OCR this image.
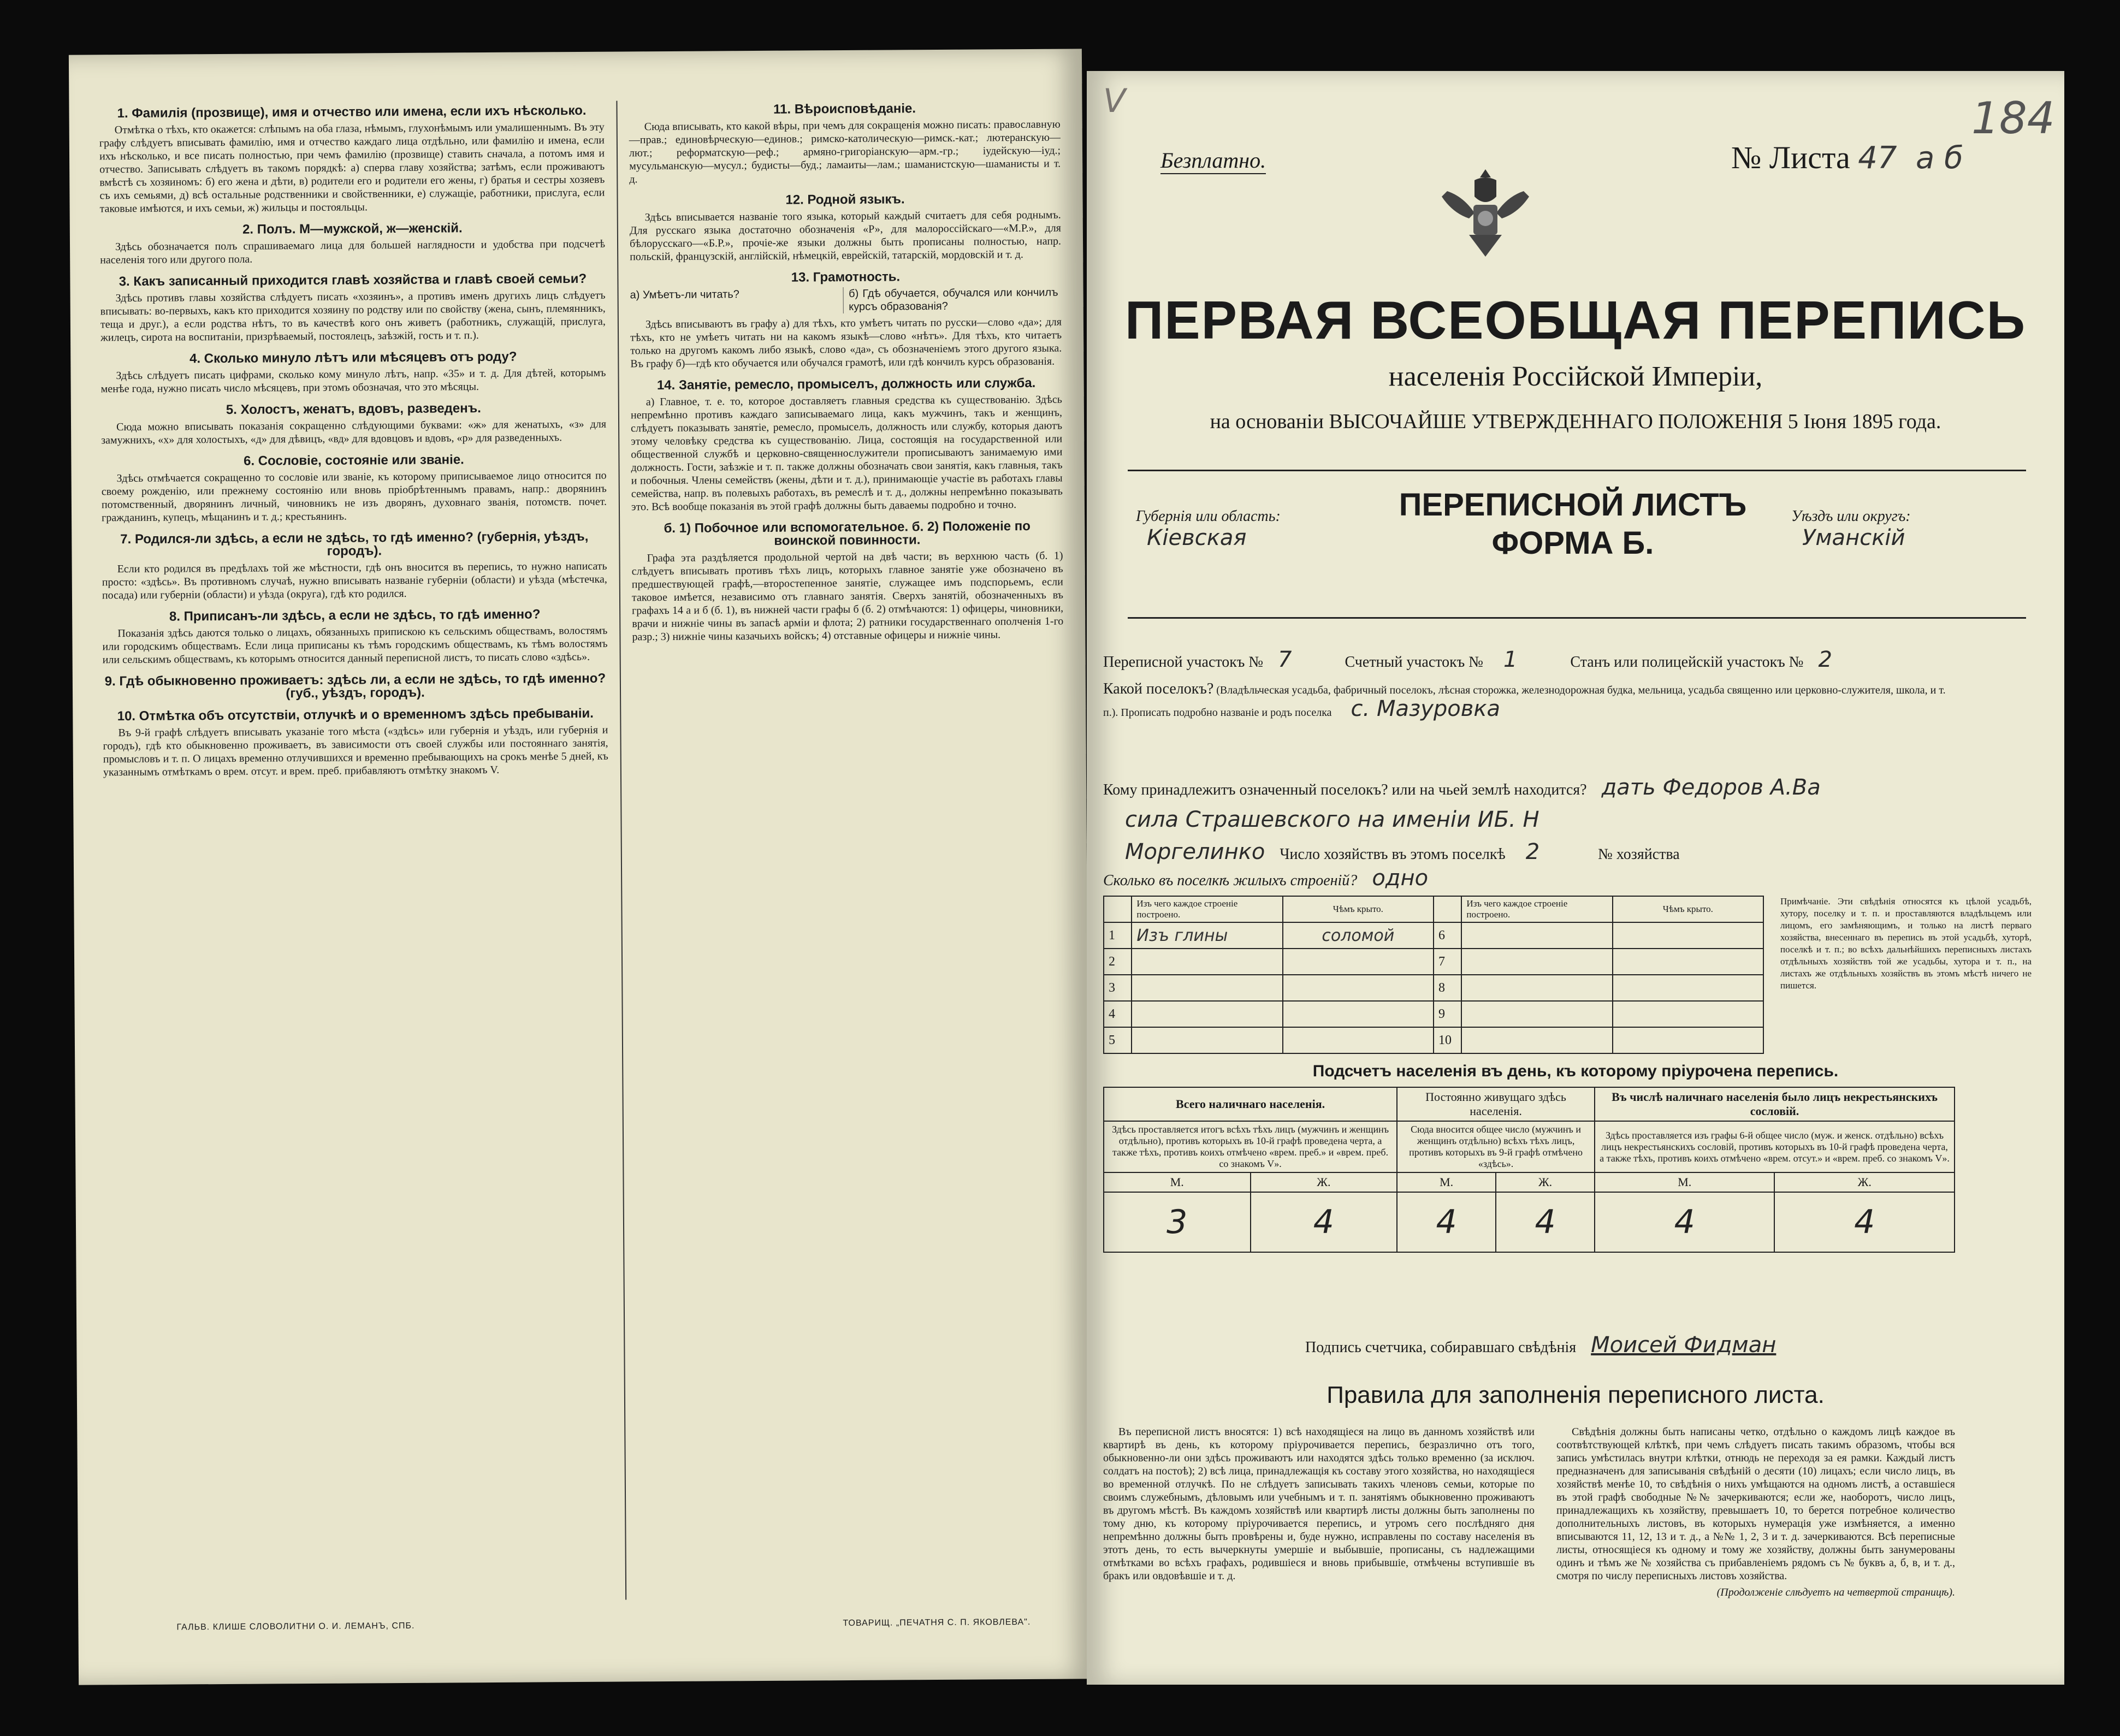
1. Фамилія (прозвище), имя и отчество или имена, если ихъ нѣсколько.

Отмѣтка о тѣхъ, кто окажется: слѣпымъ на оба глаза, нѣмымъ, глухонѣмымъ или умалишеннымъ. Въ эту графу слѣдуетъ вписывать фамилію, имя и отчество каждаго лица отдѣльно, или фамилію и имена, если ихъ нѣсколько, и все писать полностью, при чемъ фамилію (прозвище) ставить сначала, а потомъ имя и отчество. Записывать слѣдуетъ въ такомъ порядкѣ: а) сперва главу хозяйства; затѣмъ, если проживаютъ вмѣстѣ съ хозяиномъ: б) его жена и дѣти, в) родители его и родители его жены, г) братья и сестры хозяевъ съ ихъ семьями, д) всѣ остальные родственники и свойственники, е) служащіе, работники, прислуга, если таковые имѣются, и ихъ семьи, ж) жильцы и постояльцы.

2. Полъ. М—мужской, ж—женскій.

Здѣсь обозначается полъ спрашиваемаго лица для большей наглядности и удобства при подсчетѣ населенія того или другого пола.

3. Какъ записанный приходится главѣ хозяйства и главѣ своей семьи?

Здѣсь противъ главы хозяйства слѣдуетъ писать «хозяинъ», а противъ именъ другихъ лицъ слѣдуетъ вписывать: во-первыхъ, какъ кто приходится хозяину по родству или по свойству (жена, сынъ, племянникъ, теща и друг.), а если родства нѣтъ, то въ качествѣ кого онъ живетъ (работникъ, служащій, прислуга, жилецъ, сирота на воспитаніи, призрѣваемый, постоялецъ, заѣзжій, гость и т. п.).

4. Сколько минуло лѣтъ или мѣсяцевъ отъ роду?

Здѣсь слѣдуетъ писать цифрами, сколько кому минуло лѣтъ, напр. «35» и т. д. Для дѣтей, которымъ менѣе года, нужно писать число мѣсяцевъ, при этомъ обозначая, что это мѣсяцы.

5. Холостъ, женатъ, вдовъ, разведенъ.

Сюда можно вписывать показанія сокращенно слѣдующими буквами: «ж» для женатыхъ, «з» для замужнихъ, «х» для холостыхъ, «д» для дѣвицъ, «вд» для вдовцовъ и вдовъ, «р» для разведенныхъ.

6. Сословіе, состояніе или званіе.

Здѣсь отмѣчается сокращенно то сословіе или званіе, къ которому приписываемое лицо относится по своему рожденію, или прежнему состоянію или вновь пріобрѣтеннымъ правамъ, напр.: дворянинъ потомственный, дворянинъ личный, чиновникъ не изъ дворянъ, духовнаго званія, потомств. почет. гражданинъ, купецъ, мѣщанинъ и т. д.; крестьянинъ.

7. Родился-ли здѣсь, а если не здѣсь, то гдѣ именно? (губернія, уѣздъ, городъ).

Если кто родился въ предѣлахъ той же мѣстности, гдѣ онъ вносится въ перепись, то нужно написать просто: «здѣсь». Въ противномъ случаѣ, нужно вписывать названіе губерніи (области) и уѣзда (мѣстечка, посада) или губерніи (области) и уѣзда (округа), гдѣ кто родился.

8. Приписанъ-ли здѣсь, а если не здѣсь, то гдѣ именно?

Показанія здѣсь даются только о лицахъ, обязанныхъ припискою къ сельскимъ обществамъ, волостямъ или городскимъ обществамъ. Если лица приписаны къ тѣмъ городскимъ обществамъ, къ тѣмъ волостямъ или сельскимъ обществамъ, къ которымъ относится данный переписной листъ, то писать слово «здѣсь».

9. Гдѣ обыкновенно проживаетъ: здѣсь ли, а если не здѣсь, то гдѣ именно? (губ., уѣздъ, городъ).
10. Отмѣтка объ отсутствіи, отлучкѣ и о временномъ здѣсь пребываніи.

Въ 9-й графѣ слѣдуетъ вписывать указаніе того мѣста («здѣсь» или губернія и уѣздъ, или губернія и городъ), гдѣ кто обыкновенно проживаетъ, въ зависимости отъ своей службы или постояннаго занятія, промысловъ и т. п. О лицахъ временно отлучившихся и временно пребывающихъ на срокъ менѣе 5 дней, къ указаннымъ отмѣткамъ о врем. отсут. и врем. преб. прибавляютъ отмѣтку знакомъ V.

11. Вѣроисповѣданіе.

Сюда вписывать, кто какой вѣры, при чемъ для сокращенія можно писать: православную—прав.; единовѣрческую—единов.; римско-католическую—римск.-кат.; лютеранскую—лют.; реформатскую—реф.; армяно-григоріанскую—арм.-гр.; іудейскую—іуд.; мусульманскую—мусул.; будисты—буд.; ламаиты—лам.; шаманистскую—шаманисты и т. д.

12. Родной языкъ.

Здѣсь вписывается названіе того языка, который каждый считаетъ для себя роднымъ. Для русскаго языка достаточно обозначенія «Р», для малороссійскаго—«М.Р.», для бѣлорусскаго—«Б.Р.», прочіе-же языки должны быть прописаны полностью, напр. польскій, французскій, англійскій, нѣмецкій, еврейскій, татарскій, мордовскій и т. д.

13. Грамотность.
а) Умѣетъ-ли читать?	б) Гдѣ обучается, обучался или кончилъ курсъ образованія?

Здѣсь вписываютъ въ графу а) для тѣхъ, кто умѣетъ читать по русски—слово «да»; для тѣхъ, кто не умѣетъ читать ни на какомъ языкѣ—слово «нѣтъ». Для тѣхъ, кто читаетъ только на другомъ какомъ либо языкѣ, слово «да», съ обозначеніемъ этого другого языка. Въ графу б)—гдѣ кто обучается или обучался грамотѣ, или гдѣ кончилъ курсъ образованія.

14. Занятіе, ремесло, промыселъ, должность или служба.

а) Главное, т. е. то, которое доставляетъ главныя средства къ существованію. Здѣсь непремѣнно противъ каждаго записываемаго лица, какъ мужчинъ, такъ и женщинъ, слѣдуетъ показывать занятіе, ремесло, промыселъ, должность или службу, которыя даютъ этому человѣку средства къ существованію. Лица, состоящія на государственной или общественной службѣ и церковно-священнослужители прописываютъ занимаемую ими должность. Гости, заѣзжіе и т. п. также должны обозначать свои занятія, какъ главныя, такъ и побочныя. Члены семействъ (жены, дѣти и т. д.), принимающіе участіе въ работахъ главы семейства, напр. въ полевыхъ работахъ, въ ремеслѣ и т. д., должны непремѣнно показывать это. Всѣ вообще показанія въ этой графѣ должны быть даваемы подробно и точно.

б. 1) Побочное или вспомогательное. б. 2) Положеніе по воинской повинности.

Графа эта раздѣляется продольной чертой на двѣ части; въ верхнюю часть (б. 1) слѣдуетъ вписывать противъ тѣхъ лицъ, которыхъ главное занятіе уже обозначено въ предшествующей графѣ,—второстепенное занятіе, служащее имъ подспорьемъ, если таковое имѣется, независимо отъ главнаго занятія. Сверхъ занятій, обозначенныхъ въ графахъ 14 а и б (б. 1), въ нижней части графы б (б. 2) отмѣчаются: 1) офицеры, чиновники, врачи и нижніе чины въ запасѣ арміи и флота; 2) ратники государственнаго ополченія 1-го разр.; 3) нижніе чины казачьихъ войскъ; 4) отставные офицеры и нижніе чины.

ГАЛЬВ. КЛИШЕ СЛОВОЛИТНИ О. И. ЛЕМАНЪ, СПБ.	ТОВАРИЩ. „ПЕЧАТНЯ С. П. ЯКОВЛЕВА".
V	184
Безплатно.	№ Листа 47 а б
ПЕРВАЯ ВСЕОБЩАЯ ПЕРЕПИСЬ
населенія Россійской Имперіи,
на основаніи ВЫСОЧАЙШЕ УТВЕРЖДЕННАГО ПОЛОЖЕНІЯ 5 Іюня 1895 года.
Губернія или область:
Кіевская
ПЕРЕПИСНОЙ ЛИСТЪ
ФОРМА Б.
Уѣздъ или округъ:
Уманскій
Переписной участокъ № 7	Счетный участокъ № 1	Станъ или полицейскій участокъ № 2
Какой поселокъ? (Владѣльческая усадьба, фабричный поселокъ, лѣсная сторожка, железнодорожная будка, мельница, усадьба священно или церковно-служителя, школа, и т. п.). Прописать подробно названіе и родъ поселка с. Мазуровка
Кому принадлежитъ означенный поселокъ? или на чьей землѣ находится? дать Федоров А.Ва
сила Страшевского на именіи ИБ. Н
Моргелинко Число хозяйствъ въ этомъ поселкѣ 2	№ хозяйства
Сколько въ поселкѣ жилыхъ строеній? одно
	Изъ чего каждое строеніе построено.	Чѣмъ крыто.		Изъ чего каждое строеніе построено.	Чѣмъ крыто.
1	Изъ глины	соломой	6		
2			7		
3			8		
4			9		
5			10		
Примѣчаніе. Эти свѣдѣнія относятся къ цѣлой усадьбѣ, хутору, поселку и т. п. и проставляются владѣльцемъ или лицомъ, его замѣняющимъ, и только на листѣ перваго хозяйства, внесеннаго въ перепись въ этой усадьбѣ, хуторѣ, поселкѣ и т. п.; во всѣхъ дальнѣйшихъ переписныхъ листахъ отдѣльныхъ хозяйствъ той же усадьбы, хутора и т. п., на листахъ же отдѣльныхъ хозяйствъ въ этомъ мѣстѣ ничего не пишется.
Подсчетъ населенія въ день, къ которому пріурочена перепись.
Всего наличнаго населенія.		Постоянно живущаго здѣсь населенія.		Въ числѣ наличнаго населенія было лицъ некрестьянскихъ сословій.	
Здѣсь проставляется итогъ всѣхъ тѣхъ лицъ (мужчинъ и женщинъ отдѣльно), противъ которыхъ въ 10-й графѣ проведена черта, а также тѣхъ, противъ коихъ отмѣчено «врем. преб.» и «врем. преб. со знакомъ V».		Сюда вносится общее число (мужчинъ и женщинъ отдѣльно) всѣхъ тѣхъ лицъ, противъ которыхъ въ 9-й графѣ отмѣчено «здѣсь».		Здѣсь проставляется изъ графы 6-й общее число (муж. и женск. отдѣльно) всѣхъ лицъ некрестьянскихъ сословій, противъ которыхъ въ 10-й графѣ проведена черта, а также тѣхъ, противъ коихъ отмѣчено «врем. отсут.» и «врем. преб. со знакомъ V».	
М.	Ж.	М.	Ж.	М.	Ж.
3	4	4	4	4	4
Подпись счетчика, собиравшаго свѣдѣнія Моисей Фидман
Правила для заполненія переписного листа.

Въ переписной листъ вносятся: 1) всѣ находящіеся на лицо въ данномъ хозяйствѣ или квартирѣ въ день, къ которому пріурочивается перепись, безразлично отъ того, обыкновенно-ли они здѣсь проживаютъ или находятся здѣсь только временно (за исключ. солдатъ на постоѣ); 2) всѣ лица, принадлежащія къ составу этого хозяйства, но находящіеся во временной отлучкѣ. По не слѣдуетъ записывать такихъ членовъ семьи, которые по своимъ служебнымъ, дѣловымъ или учебнымъ и т. п. занятіямъ обыкновенно проживаютъ въ другомъ мѣстѣ. Въ каждомъ хозяйствѣ или квартирѣ листы должны быть заполнены по тому дню, къ которому пріурочивается перепись, и утромъ сего послѣдняго дня непремѣнно должны быть провѣрены и, буде нужно, исправлены по составу населенія въ этотъ день, то есть вычеркнуты умершіе и выбывшіе, прописаны, съ надлежащими отмѣтками во всѣхъ графахъ, родившіеся и вновь прибывшіе, отмѣчены вступившіе въ бракъ или овдовѣвшіе и т. д.

Свѣдѣнія должны быть написаны четко, отдѣльно о каждомъ лицѣ каждое въ соотвѣтствующей клѣткѣ, при чемъ слѣдуетъ писать такимъ образомъ, чтобы вся запись умѣстилась внутри клѣтки, отнюдь не переходя за ея рамки. Каждый листъ предназначенъ для записыванія свѣдѣній о десяти (10) лицахъ; если число лицъ, въ хозяйствѣ менѣе 10, то свѣдѣнія о нихъ умѣщаются на одномъ листѣ, а оставшіеся въ этой графѣ свободные №№ зачеркиваются; если же, наоборотъ, число лицъ, принадлежащихъ къ хозяйству, превышаетъ 10, то берется потребное количество дополнительныхъ листовъ, въ которыхъ нумерація уже измѣняется, а именно вписываются 11, 12, 13 и т. д., а №№ 1, 2, 3 и т. д. зачеркиваются. Всѣ переписные листы, относящіеся къ одному и тому же хозяйству, должны быть занумерованы одинъ и тѣмъ же № хозяйства съ прибавленіемъ рядомъ съ № буквъ а, б, в, и т. д., смотря по числу переписныхъ листовъ хозяйства.

(Продолженіе слѣдуетъ на четвертой страницѣ).
